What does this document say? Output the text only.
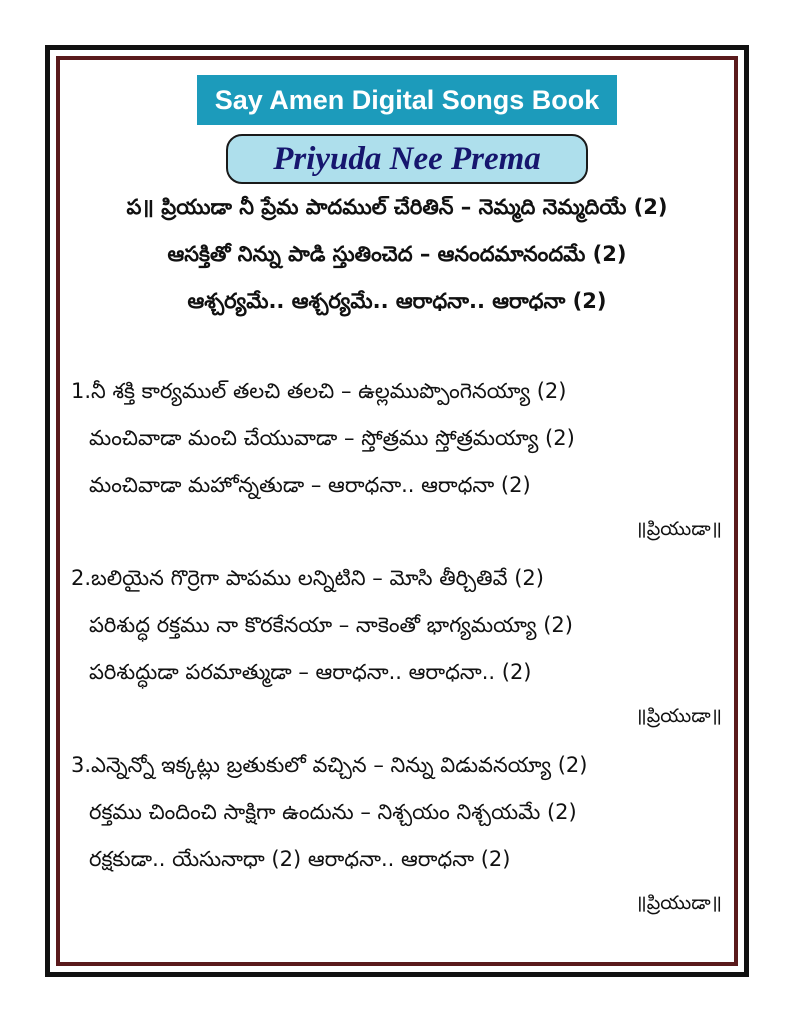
Say Amen Digital Songs Book
Priyuda Nee Prema
ప॥ ప్రియుడా నీ ప్రేమ పాదముల్ చేరితిన్ – నెమ్మది నెమ్మదియే (2)
ఆసక్తితో నిన్ను పాడి స్తుతించెద – ఆనందమానందమే (2)
ఆశ్చర్యమే.. ఆశ్చర్యమే.. ఆరాధనా.. ఆరాధనా (2)
1.నీ శక్తి కార్యముల్ తలచి తలచి – ఉల్లముప్పొంగెనయ్యా (2)
మంచివాడా మంచి చేయువాడా – స్తోత్రము స్తోత్రమయ్యా (2)
మంచివాడా మహోన్నతుడా – ఆరాధనా.. ఆరాధనా (2)
॥ప్రియుడా॥
2.బలియైన గొర్రెగా పాపము లన్నిటిని – మోసి తీర్చితివే (2)
పరిశుద్ధ రక్తము నా కొరకేనయా – నాకెంతో భాగ్యమయ్యా (2)
పరిశుద్ధుడా పరమాత్ముడా – ఆరాధనా.. ఆరాధనా.. (2)
॥ప్రియుడా॥
3.ఎన్నెన్నో ఇక్కట్లు బ్రతుకులో వచ్చిన – నిన్ను విడువనయ్యా (2)
రక్తము చిందించి సాక్షిగా ఉందును – నిశ్చయం నిశ్చయమే (2)
రక్షకుడా.. యేసునాధా (2) ఆరాధనా.. ఆరాధనా (2)
॥ప్రియుడా॥
